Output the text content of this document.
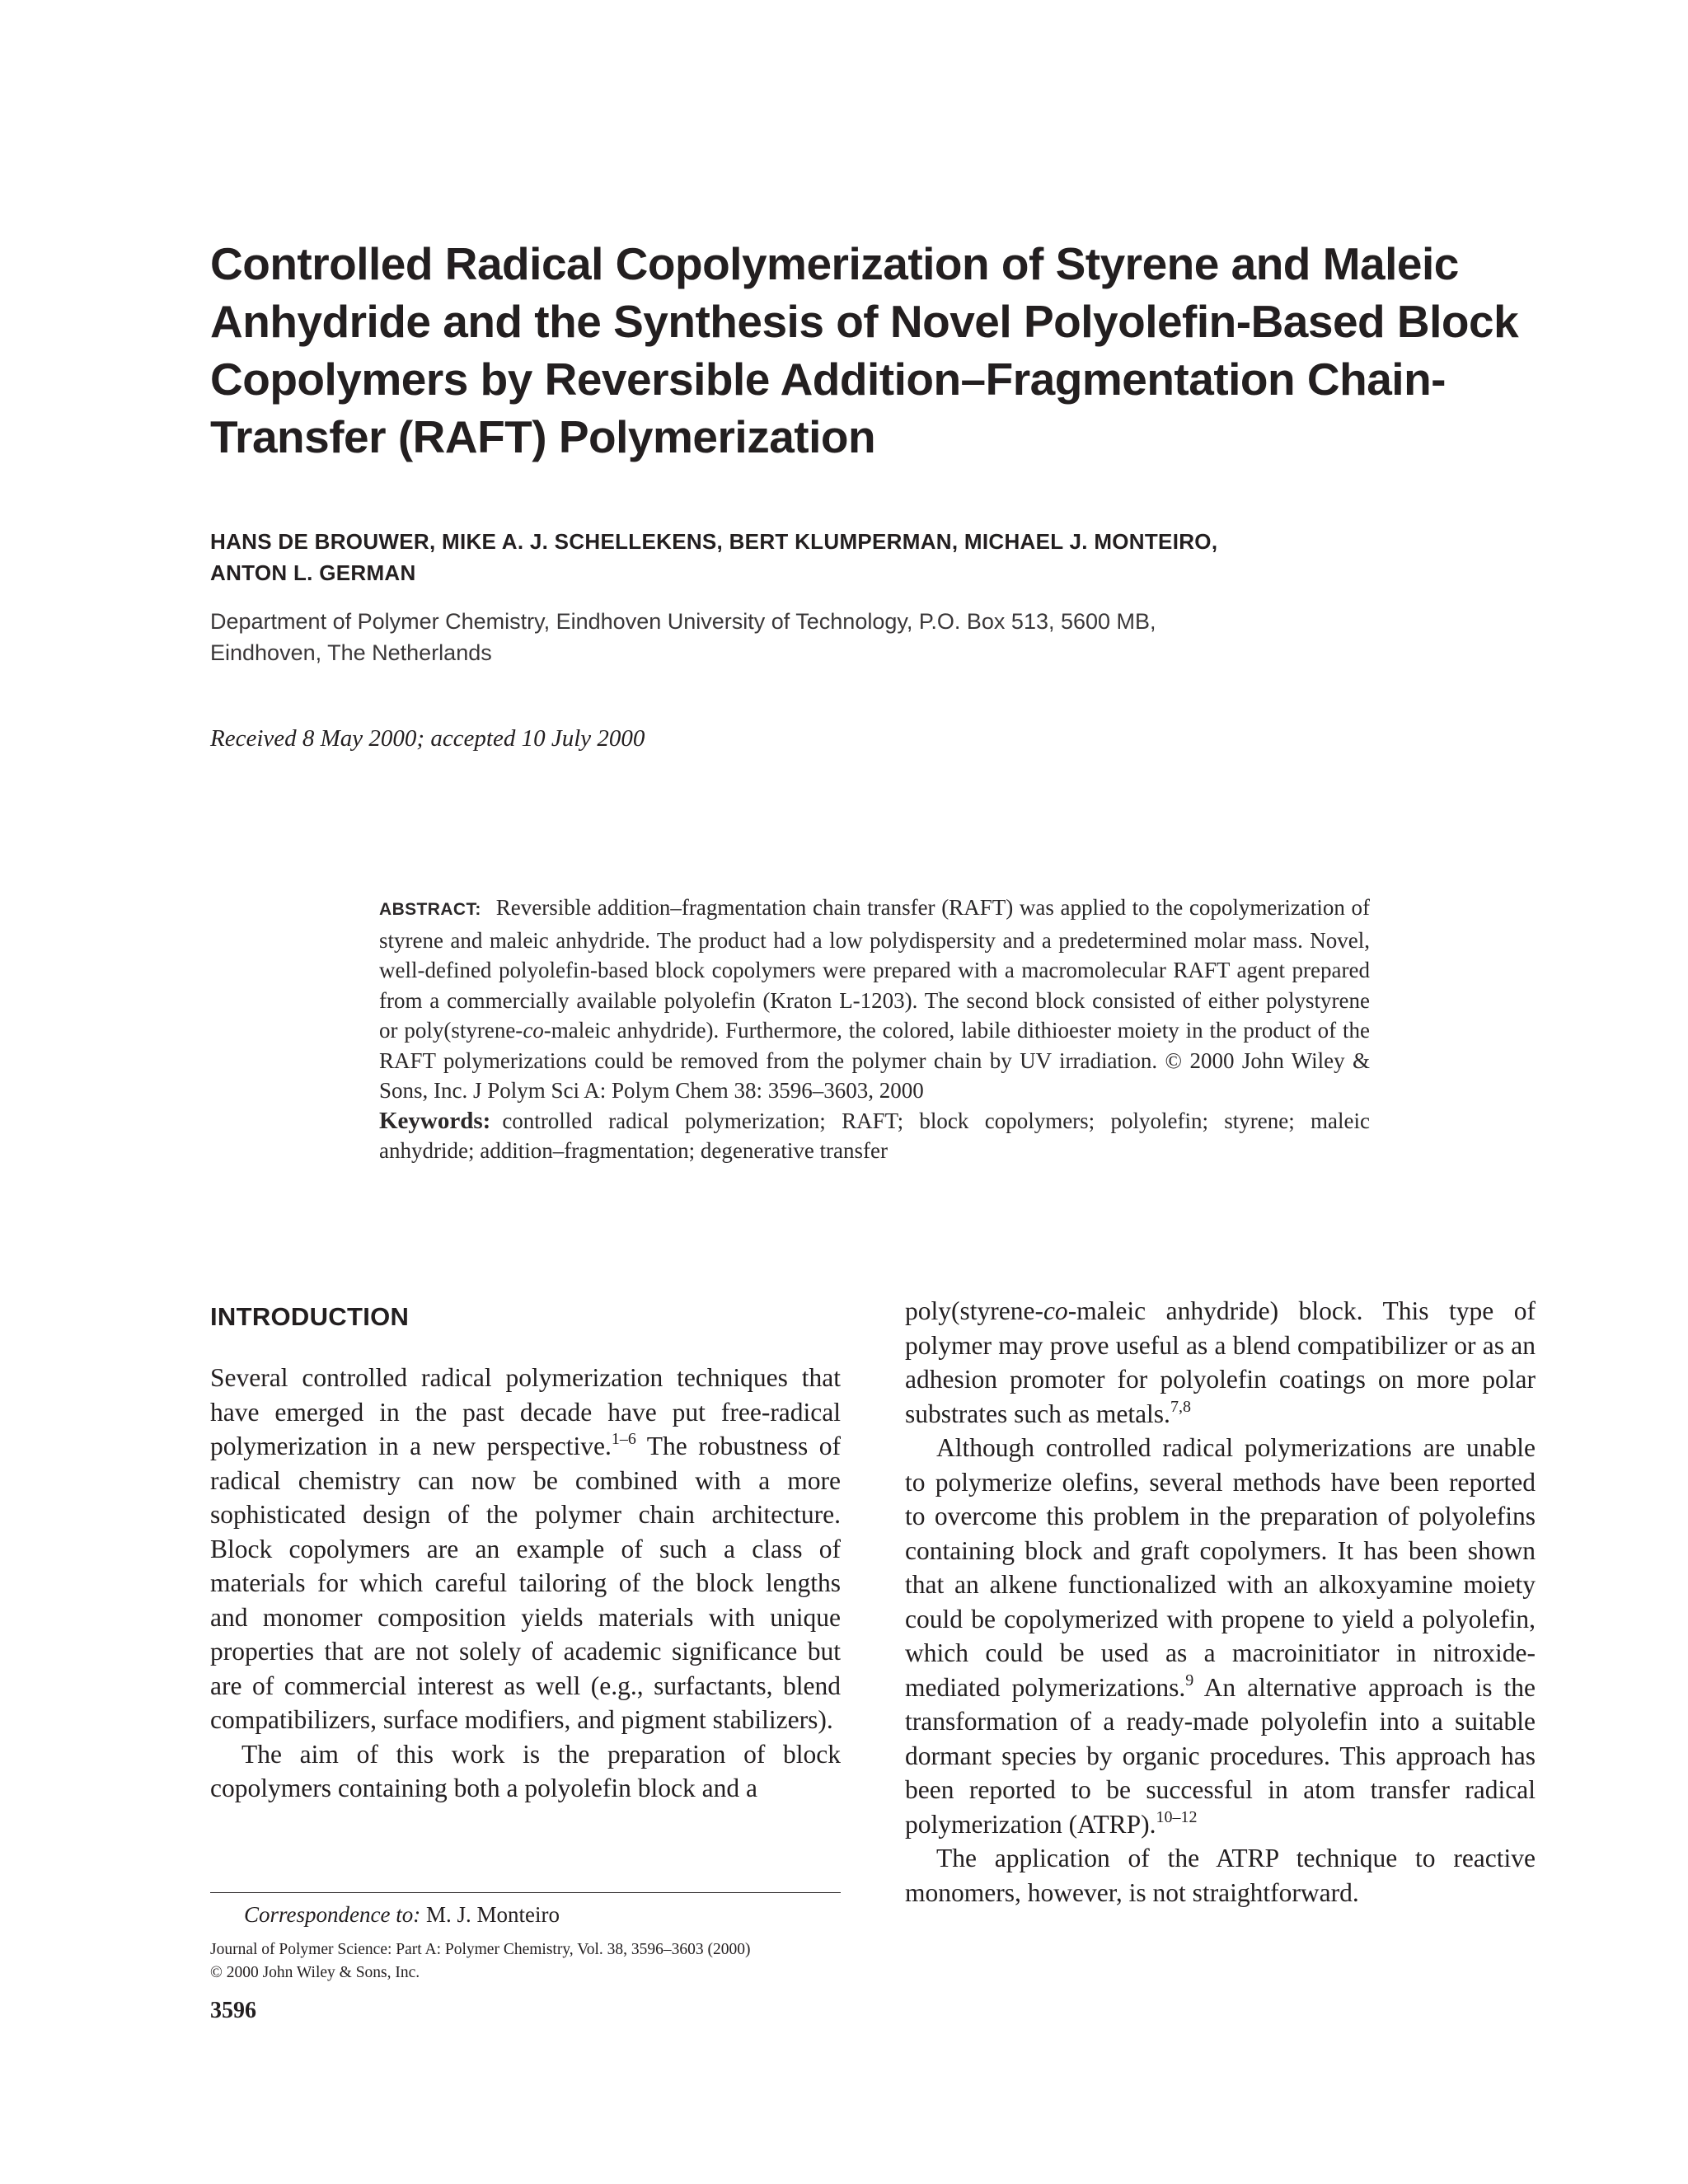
Controlled Radical Copolymerization of Styrene and Maleic Anhydride and the Synthesis of Novel Polyolefin-Based Block Copolymers by Reversible Addition–Fragmentation Chain-Transfer (RAFT) Polymerization
HANS DE BROUWER, MIKE A. J. SCHELLEKENS, BERT KLUMPERMAN, MICHAEL J. MONTEIRO,
ANTON L. GERMAN
Department of Polymer Chemistry, Eindhoven University of Technology, P.O. Box 513, 5600 MB,
Eindhoven, The Netherlands
Received 8 May 2000; accepted 10 July 2000
ABSTRACT: Reversible addition–fragmentation chain transfer (RAFT) was applied to the copolymerization of styrene and maleic anhydride. The product had a low polydispersity and a predetermined molar mass. Novel, well-defined polyolefin-based block copolymers were prepared with a macromolecular RAFT agent prepared from a commercially available polyolefin (Kraton L-1203). The second block consisted of either polystyrene or poly(styrene-co-maleic anhydride). Furthermore, the colored, labile dithioester moiety in the product of the RAFT polymerizations could be removed from the polymer chain by UV irradiation. © 2000 John Wiley & Sons, Inc. J Polym Sci A: Polym Chem 38: 3596–3603, 2000
Keywords: controlled radical polymerization; RAFT; block copolymers; polyolefin; styrene; maleic anhydride; addition–fragmentation; degenerative transfer
INTRODUCTION

Several controlled radical polymerization techniques that have emerged in the past decade have put free-radical polymerization in a new perspective.$^{1-6}$ The robustness of radical chemistry can now be combined with a more sophisticated design of the polymer chain architecture. Block copolymers are an example of such a class of materials for which careful tailoring of the block lengths and monomer composition yields materials with unique properties that are not solely of academic significance but are of commercial interest as well (e.g., surfactants, blend compatibilizers, surface modifiers, and pigment stabilizers).

The aim of this work is the preparation of block copolymers containing both a polyolefin block and a

poly(styrene-co-maleic anhydride) block. This type of polymer may prove useful as a blend compatibilizer or as an adhesion promoter for polyolefin coatings on more polar substrates such as metals.$^{7,8}$

Although controlled radical polymerizations are unable to polymerize olefins, several methods have been reported to overcome this problem in the preparation of polyolefins containing block and graft copolymers. It has been shown that an alkene functionalized with an alkoxyamine moiety could be copolymerized with propene to yield a polyolefin, which could be used as a macroinitiator in nitroxide-mediated polymerizations.$^9$ An alternative approach is the transformation of a ready-made polyolefin into a suitable dormant species by organic procedures. This approach has been reported to be successful in atom transfer radical polymerization (ATRP).$^{10-12}$

The application of the ATRP technique to reactive monomers, however, is not straightforward.

Correspondence to: M. J. Monteiro
Journal of Polymer Science: Part A: Polymer Chemistry, Vol. 38, 3596–3603 (2000)
© 2000 John Wiley & Sons, Inc.
3596
